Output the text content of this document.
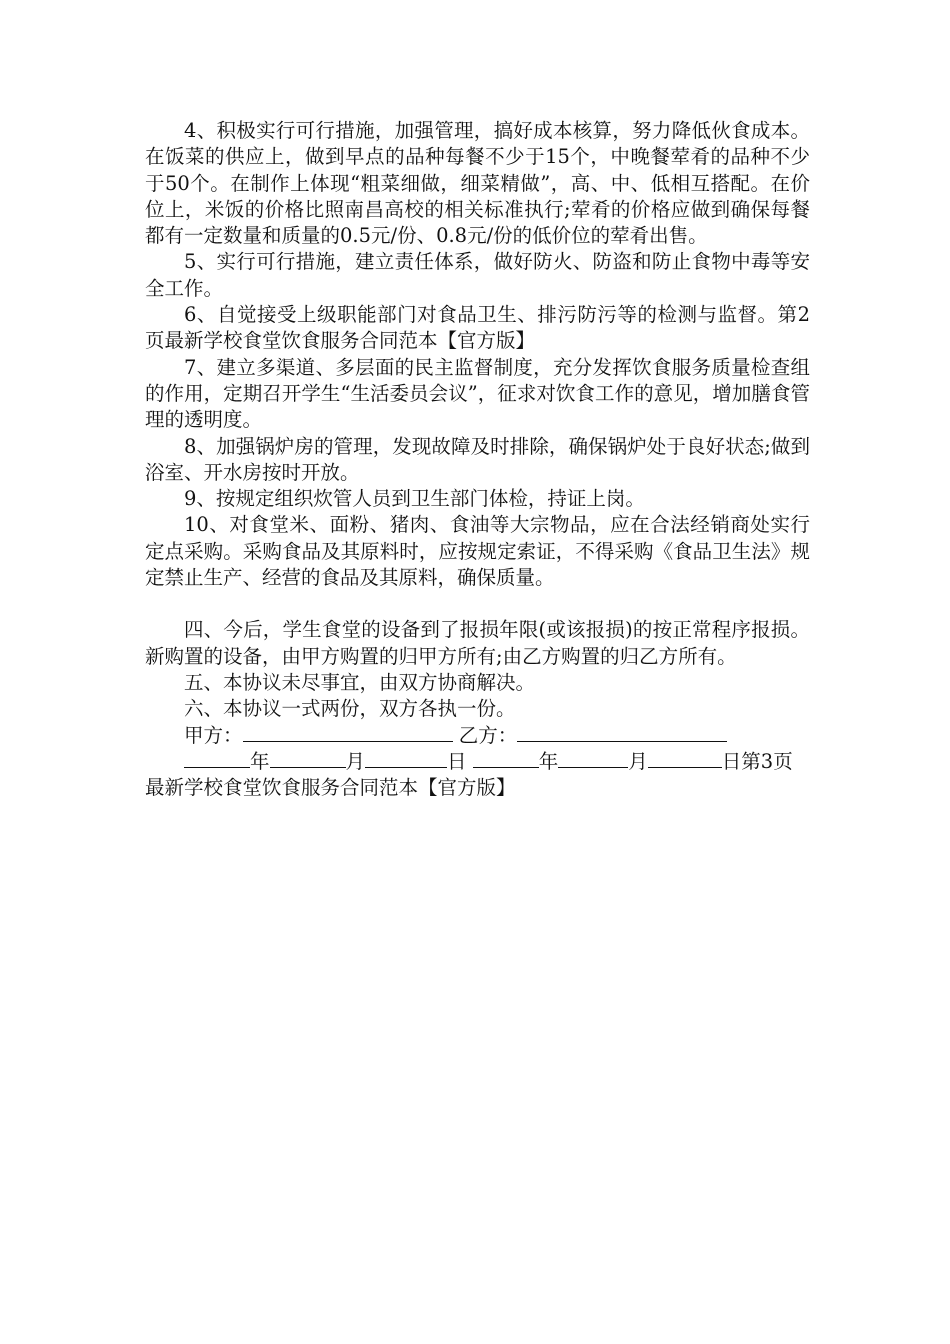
4、积极实行可行措施，加强管理，搞好成本核算，努力降低伙食成本。在饭菜的供应上，做到早点的品种每餐不少于15个，中晚餐荤肴的品种不少于50个。在制作上体现“粗菜细做，细菜精做”，高、中、低相互搭配。在价位上，米饭的价格比照南昌高校的相关标准执行;荤肴的价格应做到确保每餐都有一定数量和质量的0.5元/份、0.8元/份的低价位的荤肴出售。

5、实行可行措施，建立责任体系，做好防火、防盗和防止食物中毒等安全工作。

6、自觉接受上级职能部门对食品卫生、排污防污等的检测与监督。第2页最新学校食堂饮食服务合同范本【官方版】

7、建立多渠道、多层面的民主监督制度，充分发挥饮食服务质量检查组的作用，定期召开学生“生活委员会议”，征求对饮食工作的意见，增加膳食管理的透明度。

8、加强锅炉房的管理，发现故障及时排除，确保锅炉处于良好状态;做到浴室、开水房按时开放。

9、按规定组织炊管人员到卫生部门体检，持证上岗。

10、对食堂米、面粉、猪肉、食油等大宗物品，应在合法经销商处实行定点采购。采购食品及其原料时，应按规定索证，不得采购《食品卫生法》规定禁止生产、经营的食品及其原料，确保质量。

四、今后，学生食堂的设备到了报损年限(或该报损)的按正常程序报损。新购置的设备，由甲方购置的归甲方所有;由乙方购置的归乙方所有。

五、本协议未尽事宜，由双方协商解决。

六、本协议一式两份，双方各执一份。

甲方：	乙方：

年	月	日	年	月	日第3页最新学校食堂饮食服务合同范本【官方版】
